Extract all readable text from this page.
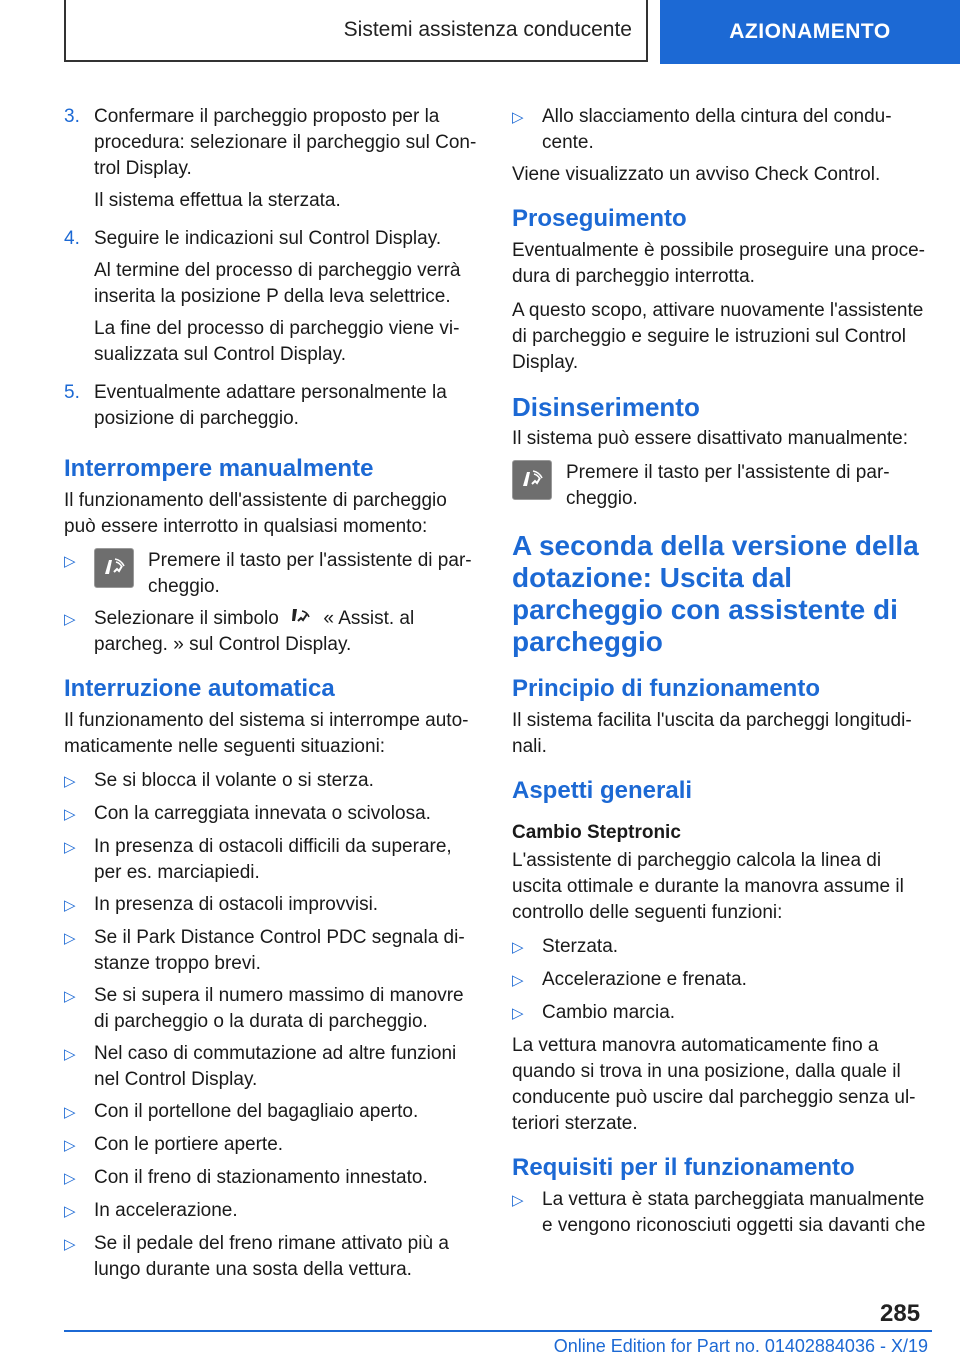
Sistemi assistenza conducente	AZIONAMENTO
3. Confermare il parcheggio proposto per la procedura: selezionare il parcheggio sul Con-trol Display.

Il sistema effettua la sterzata.

4. Seguire le indicazioni sul Control Display.

Al termine del processo di parcheggio verrà inserita la posizione P della leva selettrice.

La fine del processo di parcheggio viene vi-sualizzata sul Control Display.

5. Eventualmente adattare personalmente la posizione di parcheggio.

Interrompere manualmente

Il funzionamento dell'assistente di parcheggio può essere interrotto in qualsiasi momento:

▷	Premere il tasto per l'assistente di par-cheggio.
▷ Selezionare il simbolo « Assist. al parcheg. » sul Control Display.
Interruzione automatica

Il funzionamento del sistema si interrompe auto-maticamente nelle seguenti situazioni:

▷ Se si blocca il volante o si sterza.
▷ Con la carreggiata innevata o scivolosa.
▷ In presenza di ostacoli difficili da superare, per es. marciapiedi.
▷ In presenza di ostacoli improvvisi.
▷ Se il Park Distance Control PDC segnala di-stanze troppo brevi.
▷ Se si supera il numero massimo di manovre di parcheggio o la durata di parcheggio.
▷ Nel caso di commutazione ad altre funzioni nel Control Display.
▷ Con il portellone del bagagliaio aperto.
▷ Con le portiere aperte.
▷ Con il freno di stazionamento innestato.
▷ In accelerazione.
▷ Se il pedale del freno rimane attivato più a lungo durante una sosta della vettura.
▷ Allo slacciamento della cintura del condu-cente.

Viene visualizzato un avviso Check Control.

Proseguimento

Eventualmente è possibile proseguire una proce-dura di parcheggio interrotta.

A questo scopo, attivare nuovamente l'assistente di parcheggio e seguire le istruzioni sul Control Display.

Disinserimento

Il sistema può essere disattivato manualmente:

Premere il tasto per l'assistente di par-cheggio.
A seconda della versione della dotazione: Uscita dal parcheggio con assistente di parcheggio
Principio di funzionamento

Il sistema facilita l'uscita da parcheggi longitudi-nali.

Aspetti generali
Cambio Steptronic

L'assistente di parcheggio calcola la linea di uscita ottimale e durante la manovra assume il controllo delle seguenti funzioni:

▷ Sterzata.
▷ Accelerazione e frenata.
▷ Cambio marcia.

La vettura manovra automaticamente fino a quando si trova in una posizione, dalla quale il conducente può uscire dal parcheggio senza ul-teriori sterzate.

Requisiti per il funzionamento
▷ La vettura è stata parcheggiata manualmente e vengono riconosciuti oggetti sia davanti che
285
Online Edition for Part no. 01402884036 - X/19
